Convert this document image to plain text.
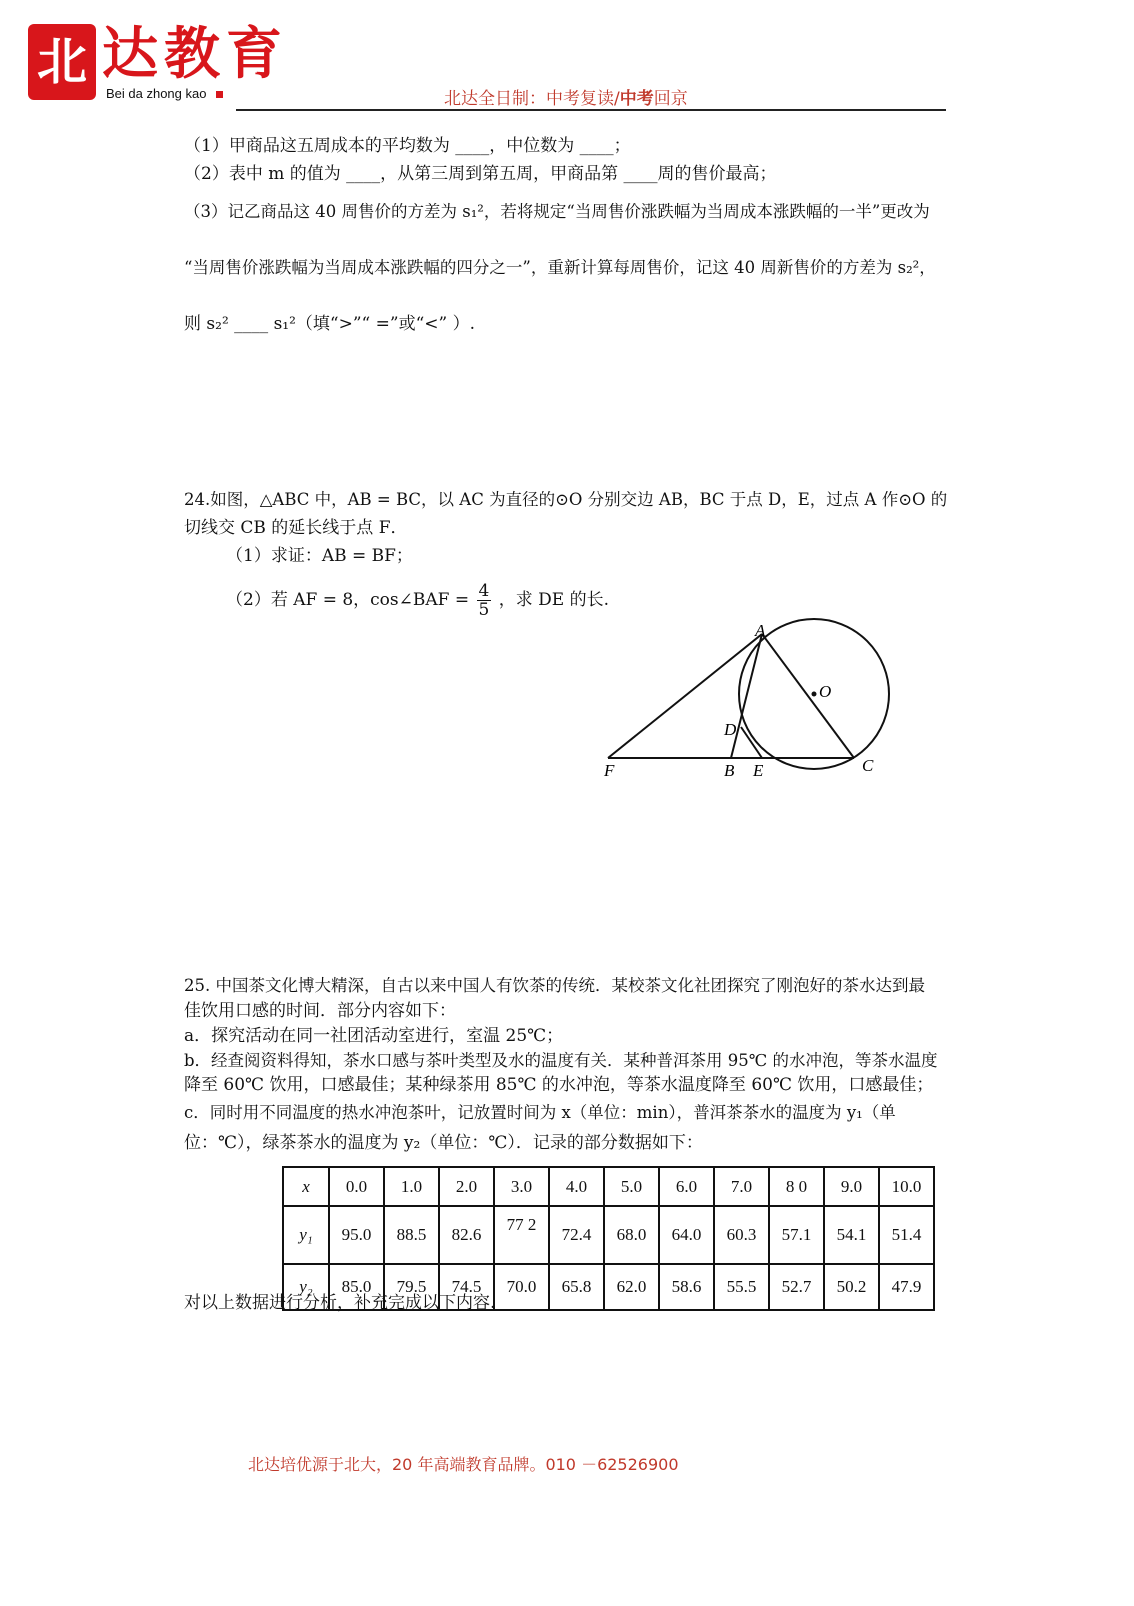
北 达教育
Bei da zhong kao	北达全日制：中考复读/中考回京
（1）甲商品这五周成本的平均数为 ____，中位数为 ____；
（2）表中 m 的值为 ____，从第三周到第五周，甲商品第 ____周的售价最高；
（3）记乙商品这 40 周售价的方差为 s₁²，若将规定“当周售价涨跌幅为当周成本涨跌幅的一半”更改为
“当周售价涨跌幅为当周成本涨跌幅的四分之一”，重新计算每周售价，记这 40 周新售价的方差为 s₂²，
则 s₂² ____ s₁²（填“>”“ =”或“<” ）.
24.如图，△ABC 中，AB = BC，以 AC 为直径的⊙O 分别交边 AB，BC 于点 D，E，过点 A 作⊙O 的
切线交 CB 的延长线于点 F．
（1）求证：AB = BF；
（2）若 AF = 8，cos∠BAF = $\frac{4}{5}$ ，求 DE 的长.
A
O
D
F	B E	C
25. 中国茶文化博大精深，自古以来中国人有饮茶的传统．某校茶文化社团探究了刚泡好的茶水达到最
佳饮用口感的时间．部分内容如下：
a．探究活动在同一社团活动室进行，室温 25℃；
b．经查阅资料得知，茶水口感与茶叶类型及水的温度有关．某种普洱茶用 95℃ 的水冲泡，等茶水温度
降至 60℃ 饮用，口感最佳；某种绿茶用 85℃ 的水冲泡，等茶水温度降至 60℃ 饮用，口感最佳；
c．同时用不同温度的热水冲泡茶叶，记放置时间为 x（单位：min），普洱茶茶水的温度为 y₁（单
位：℃），绿茶茶水的温度为 y₂（单位：℃）．记录的部分数据如下：
x	0.0	1.0	2.0	3.0	4.0	5.0	6.0	7.0	8 0	9.0	10.0
y₁	95.0	88.5	82.6	77 2	72.4	68.0	64.0	60.3	57.1	54.1	51.4
y₂	85.0	79.5	74.5	70.0	65.8	62.0	58.6	55.5	52.7	50.2	47.9
对以上数据进行分析，补充完成以下内容.
北达培优源于北大，20 年高端教育品牌。010 －62526900
